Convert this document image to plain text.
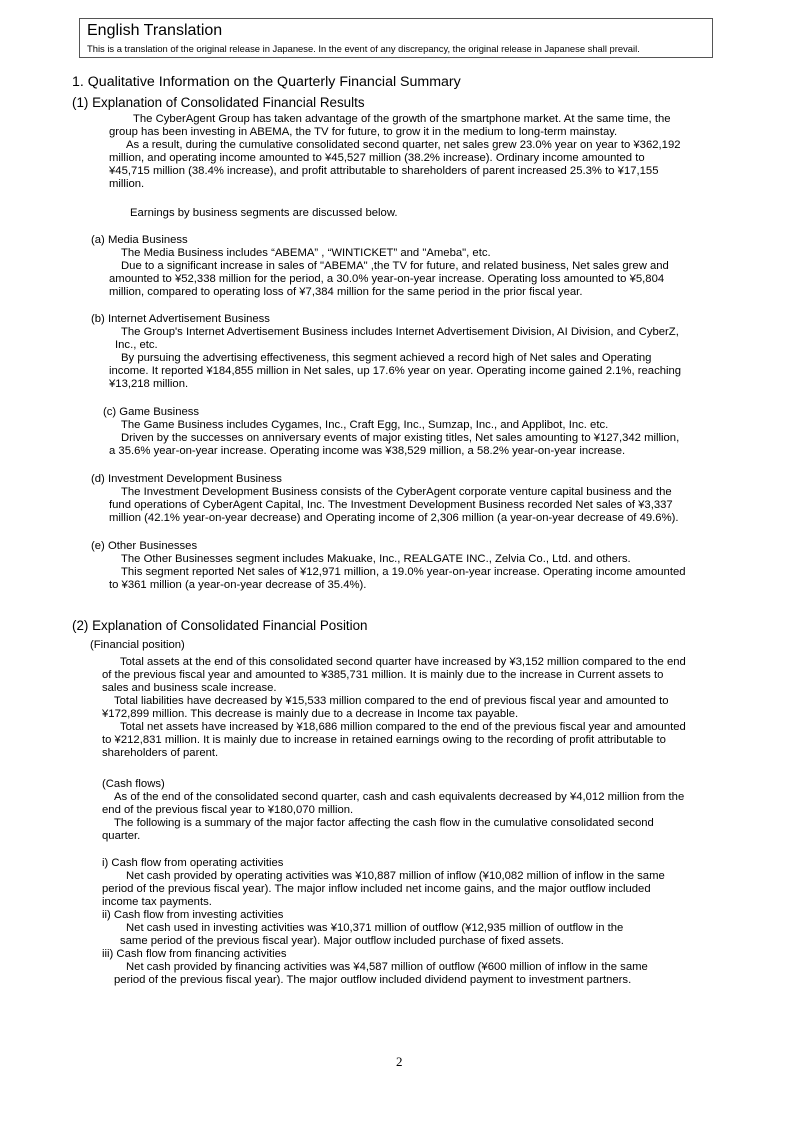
English Translation
This is a translation of the original release in Japanese. In the event of any discrepancy, the original release in Japanese shall prevail.
1. Qualitative Information on the Quarterly Financial Summary
(1) Explanation of Consolidated Financial Results
The CyberAgent Group has taken advantage of the growth of the smartphone market. At the same time, the
group has been investing in ABEMA, the TV for future, to grow it in the medium to long-term mainstay.
As a result, during the cumulative consolidated second quarter, net sales grew 23.0% year on year to ¥362,192
million, and operating income amounted to ¥45,527 million (38.2% increase). Ordinary income amounted to
¥45,715 million (38.4% increase), and profit attributable to shareholders of parent increased 25.3% to ¥17,155
million.
Earnings by business segments are discussed below.
(a) Media Business
The Media Business includes “ABEMA” , “WINTICKET” and "Ameba", etc.
Due to a significant increase in sales of "ABEMA" ,the TV for future, and related business, Net sales grew and
amounted to ¥52,338 million for the period, a 30.0% year-on-year increase. Operating loss amounted to ¥5,804
million, compared to operating loss of ¥7,384 million for the same period in the prior fiscal year.
(b) Internet Advertisement Business
The Group's Internet Advertisement Business includes Internet Advertisement Division, AI Division, and CyberZ,
Inc., etc.
By pursuing the advertising effectiveness, this segment achieved a record high of Net sales and Operating
income. It reported ¥184,855 million in Net sales, up 17.6% year on year. Operating income gained 2.1%, reaching
¥13,218 million.
(c) Game Business
The Game Business includes Cygames, Inc., Craft Egg, Inc., Sumzap, Inc., and Applibot, Inc. etc.
Driven by the successes on anniversary events of major existing titles, Net sales amounting to ¥127,342 million,
a 35.6% year-on-year increase. Operating income was ¥38,529 million, a 58.2% year-on-year increase.
(d) Investment Development Business
The Investment Development Business consists of the CyberAgent corporate venture capital business and the
fund operations of CyberAgent Capital, Inc. The Investment Development Business recorded Net sales of ¥3,337
million (42.1% year-on-year decrease) and Operating income of 2,306 million (a year-on-year decrease of 49.6%).
(e) Other Businesses
The Other Businesses segment includes Makuake, Inc., REALGATE INC., Zelvia Co., Ltd. and others.
This segment reported Net sales of ¥12,971 million, a 19.0% year-on-year increase. Operating income amounted
to ¥361 million (a year-on-year decrease of 35.4%).
(2) Explanation of Consolidated Financial Position
(Financial position)
Total assets at the end of this consolidated second quarter have increased by ¥3,152 million compared to the end
of the previous fiscal year and amounted to ¥385,731 million. It is mainly due to the increase in Current assets to
sales and business scale increase.
Total liabilities have decreased by ¥15,533 million compared to the end of previous fiscal year and amounted to
¥172,899 million. This decrease is mainly due to a decrease in Income tax payable.
Total net assets have increased by ¥18,686 million compared to the end of the previous fiscal year and amounted
to ¥212,831 million. It is mainly due to increase in retained earnings owing to the recording of profit attributable to
shareholders of parent.
(Cash flows)
As of the end of the consolidated second quarter, cash and cash equivalents decreased by ¥4,012 million from the
end of the previous fiscal year to ¥180,070 million.
The following is a summary of the major factor affecting the cash flow in the cumulative consolidated second
quarter.
i) Cash flow from operating activities
Net cash provided by operating activities was ¥10,887 million of inflow (¥10,082 million of inflow in the same
period of the previous fiscal year). The major inflow included net income gains, and the major outflow included
income tax payments.
ii) Cash flow from investing activities
Net cash used in investing activities was ¥10,371 million of outflow (¥12,935 million of outflow in the
same period of the previous fiscal year). Major outflow included purchase of fixed assets.
iii) Cash flow from financing activities
Net cash provided by financing activities was ¥4,587 million of outflow (¥600 million of inflow in the same
period of the previous fiscal year). The major outflow included dividend payment to investment partners.
2
